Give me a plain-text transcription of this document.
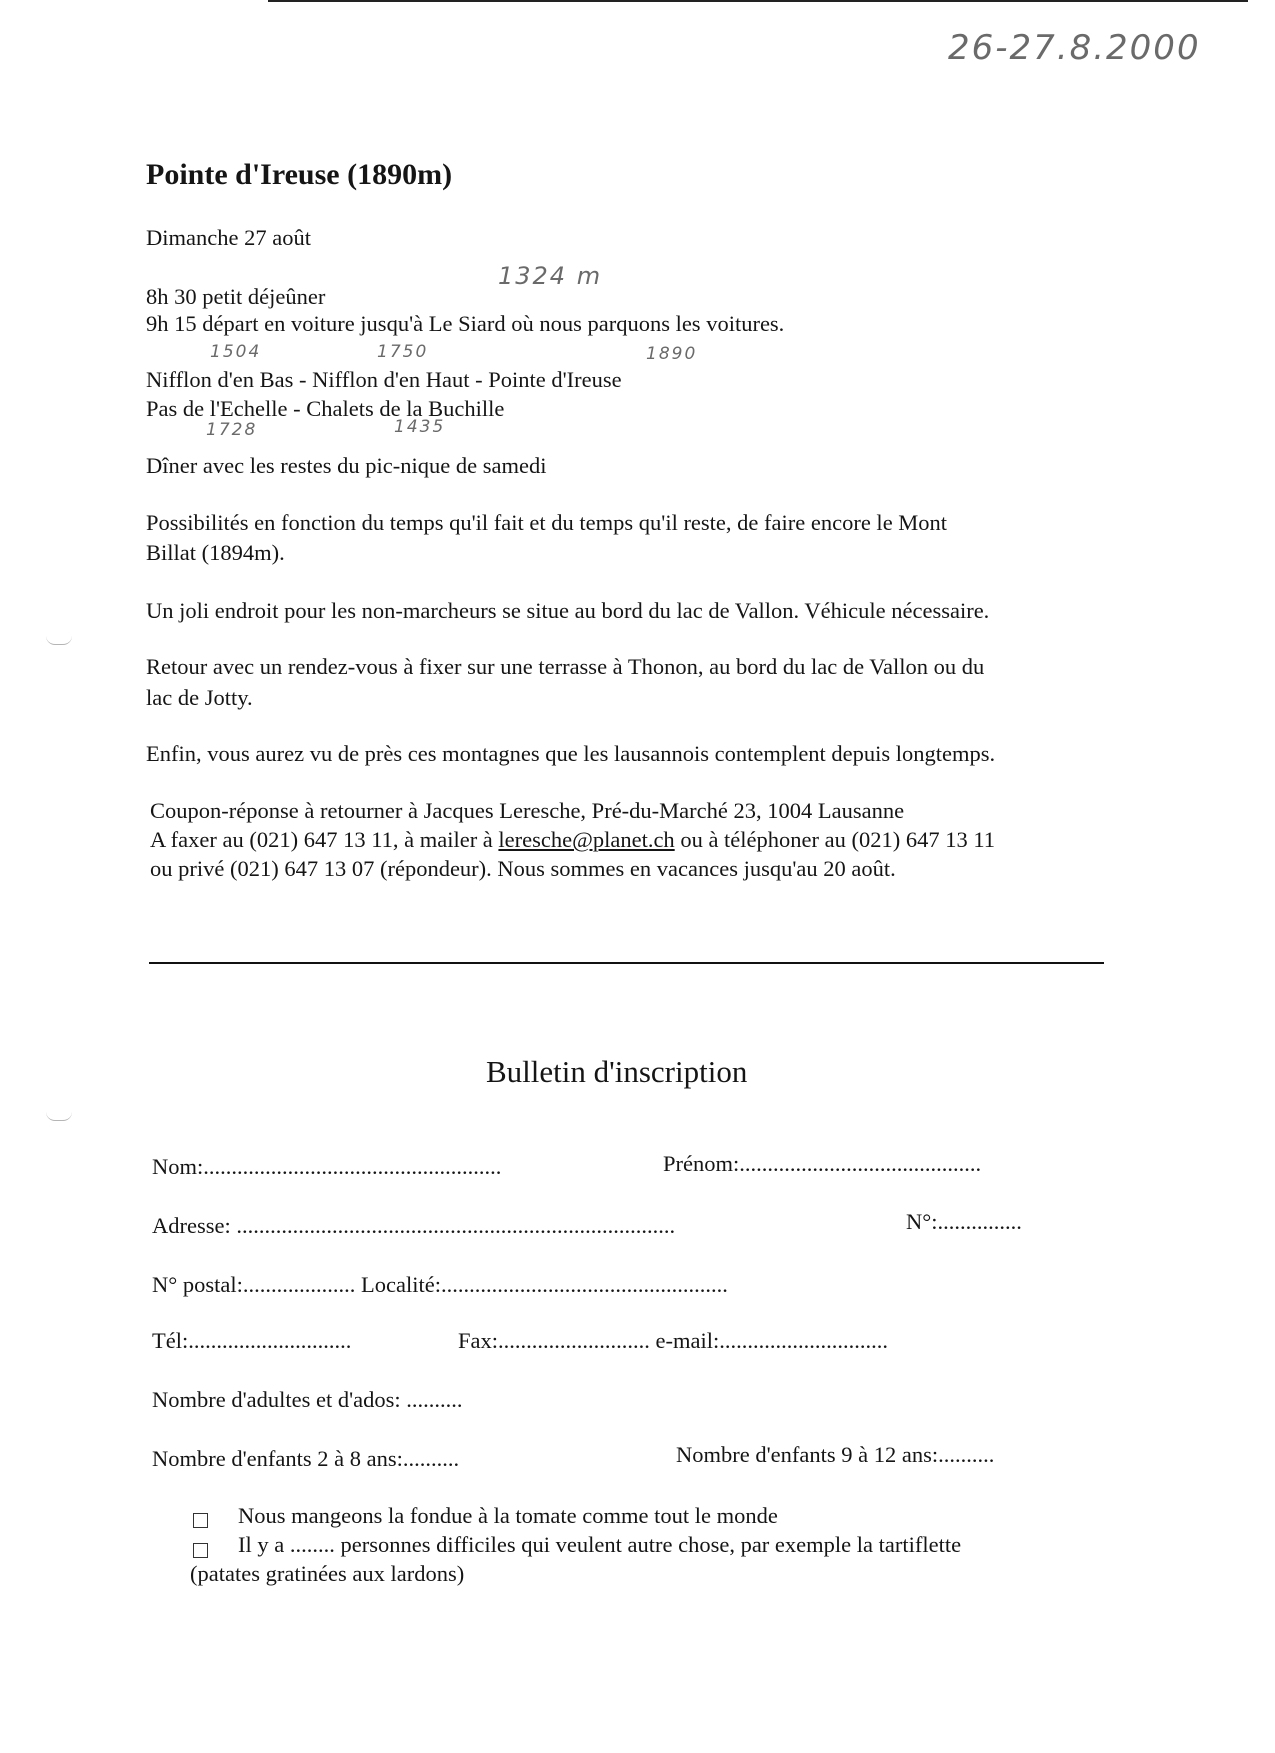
26-27.8.2000
1324 m
1504	1750	1890
1728	1435
Pointe d'Ireuse (1890m)
Dimanche 27 août
8h 30 petit déjeûner
9h 15 départ en voiture jusqu'à Le Siard où nous parquons les voitures.
Nifflon d'en Bas - Nifflon d'en Haut - Pointe d'Ireuse
Pas de l'Echelle - Chalets de la Buchille
Dîner avec les restes du pic-nique de samedi
Possibilités en fonction du temps qu'il fait et du temps qu'il reste, de faire encore le Mont
Billat (1894m).
Un joli endroit pour les non-marcheurs se situe au bord du lac de Vallon. Véhicule nécessaire.
Retour avec un rendez-vous à fixer sur une terrasse à Thonon, au bord du lac de Vallon ou du
lac de Jotty.
Enfin, vous aurez vu de près ces montagnes que les lausannois contemplent depuis longtemps.
Coupon-réponse à retourner à Jacques Leresche, Pré-du-Marché 23, 1004 Lausanne
A faxer au (021) 647 13 11, à mailer à leresche@planet.ch ou à téléphoner au (021) 647 13 11
ou privé (021) 647 13 07 (répondeur). Nous sommes en vacances jusqu'au 20 août.
Bulletin d'inscription
Nom:.....................................................	Prénom:...........................................
Adresse: ..............................................................................	N°:...............
N° postal:.................... Localité:...................................................
Tél:.............................	Fax:........................... e-mail:..............................
Nombre d'adultes et d'ados: ..........
Nombre d'enfants 2 à 8 ans:..........	Nombre d'enfants 9 à 12 ans:..........
Nous mangeons la fondue à la tomate comme tout le monde
Il y a ........ personnes difficiles qui veulent autre chose, par exemple la tartiflette
(patates gratinées aux lardons)
